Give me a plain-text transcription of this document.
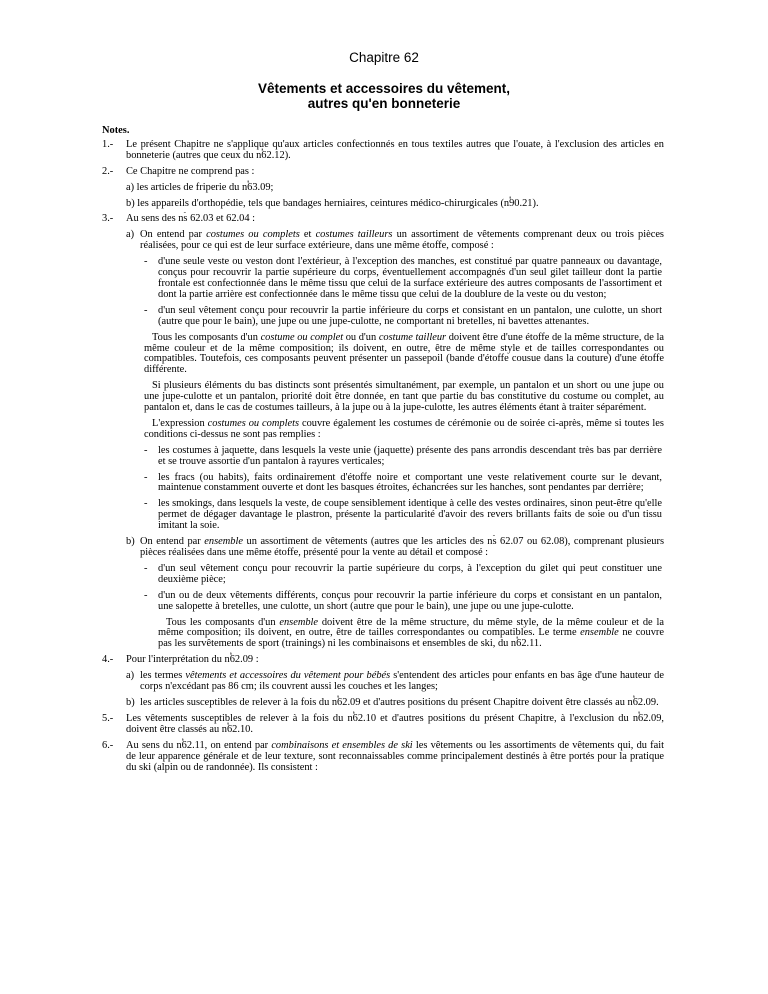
Chapitre 62
Vêtements et accessoires du vêtement,
autres qu'en bonneterie
Notes.
1.- Le présent Chapitre ne s'applique qu'aux articles confectionnés en tous textiles autres que l'ouate, à l'exclusion des articles en bonneterie (autres que ceux du nٝ62.12).
2.- Ce Chapitre ne comprend pas :
a) les articles de friperie du nٝ63.09;
b) les appareils d'orthopédie, tels que bandages herniaires, ceintures médico-chirurgicales (nٝ90.21).
3.- Au sens des nٙs 62.03 et 62.04 :
a) On entend par costumes ou complets et costumes tailleurs un assortiment de vêtements comprenant deux ou trois pièces réalisées, pour ce qui est de leur surface extérieure, dans une même étoffe, composé :
- d'une seule veste ou veston dont l'extérieur, à l'exception des manches, est constitué par quatre panneaux ou davantage, conçus pour recouvrir la partie supérieure du corps, éventuellement accompagnés d'un seul gilet tailleur dont la partie frontale est confectionnée dans le même tissu que celui de la surface extérieure des autres composants de l'assortiment et dont la partie arrière est confectionnée dans le même tissu que celui de la doublure de la veste ou du veston;
- d'un seul vêtement conçu pour recouvrir la partie inférieure du corps et consistant en un pantalon, une culotte, un short (autre que pour le bain), une jupe ou une jupe-culotte, ne comportant ni bretelles, ni bavettes attenantes.
Tous les composants d'un costume ou complet ou d'un costume tailleur doivent être d'une étoffe de la même structure, de la même couleur et de la même composition; ils doivent, en outre, être de même style et de tailles correspondantes ou compatibles. Toutefois, ces composants peuvent présenter un passepoil (bande d'étoffe cousue dans la couture) d'une étoffe différente.
Si plusieurs éléments du bas distincts sont présentés simultanément, par exemple, un pantalon et un short ou une jupe ou une jupe-culotte et un pantalon, priorité doit être donnée, en tant que partie du bas constitutive du costume ou complet, au pantalon et, dans le cas de costumes tailleurs, à la jupe ou à la jupe-culotte, les autres éléments étant à traiter séparément.
L'expression costumes ou complets couvre également les costumes de cérémonie ou de soirée ci-après, même si toutes les conditions ci-dessus ne sont pas remplies :
- les costumes à jaquette, dans lesquels la veste unie (jaquette) présente des pans arrondis descendant très bas par derrière et se trouve assortie d'un pantalon à rayures verticales;
- les fracs (ou habits), faits ordinairement d'étoffe noire et comportant une veste relativement courte sur le devant, maintenue constamment ouverte et dont les basques étroites, échancrées sur les hanches, sont pendantes par derrière;
- les smokings, dans lesquels la veste, de coupe sensiblement identique à celle des vestes ordinaires, sinon peut-être qu'elle permet de dégager davantage le plastron, présente la particularité d'avoir des revers brillants faits de soie ou d'un tissu imitant la soie.
b) On entend par ensemble un assortiment de vêtements (autres que les articles des nٙs 62.07 ou 62.08), comprenant plusieurs pièces réalisées dans une même étoffe, présenté pour la vente au détail et composé :
- d'un seul vêtement conçu pour recouvrir la partie supérieure du corps, à l'exception du gilet qui peut constituer une deuxième pièce;
- d'un ou de deux vêtements différents, conçus pour recouvrir la partie inférieure du corps et consistant en un pantalon, une salopette à bretelles, une culotte, un short (autre que pour le bain), une jupe ou une jupe-culotte.
Tous les composants d'un ensemble doivent être de la même structure, du même style, de la même couleur et de la même composition; ils doivent, en outre, être de tailles correspondantes ou compatibles. Le terme ensemble ne couvre pas les survêtements de sport (trainings) ni les combinaisons et ensembles de ski, du nٝ62.11.
4.- Pour l'interprétation du nٝ62.09 :
a) les termes vêtements et accessoires du vêtement pour bébés s'entendent des articles pour enfants en bas âge d'une hauteur de corps n'excédant pas 86 cm; ils couvrent aussi les couches et les langes;
b) les articles susceptibles de relever à la fois du nٝ62.09 et d'autres positions du présent Chapitre doivent être classés au nٝ62.09.
5.- Les vêtements susceptibles de relever à la fois du nٝ62.10 et d'autres positions du présent Chapitre, à l'exclusion du nٝ62.09, doivent être classés au nٝ62.10.
6.- Au sens du nٝ62.11, on entend par combinaisons et ensembles de ski les vêtements ou les assortiments de vêtements qui, du fait de leur apparence générale et de leur texture, sont reconnaissables comme principalement destinés à être portés pour la pratique du ski (alpin ou de randonnée). Ils consistent :
